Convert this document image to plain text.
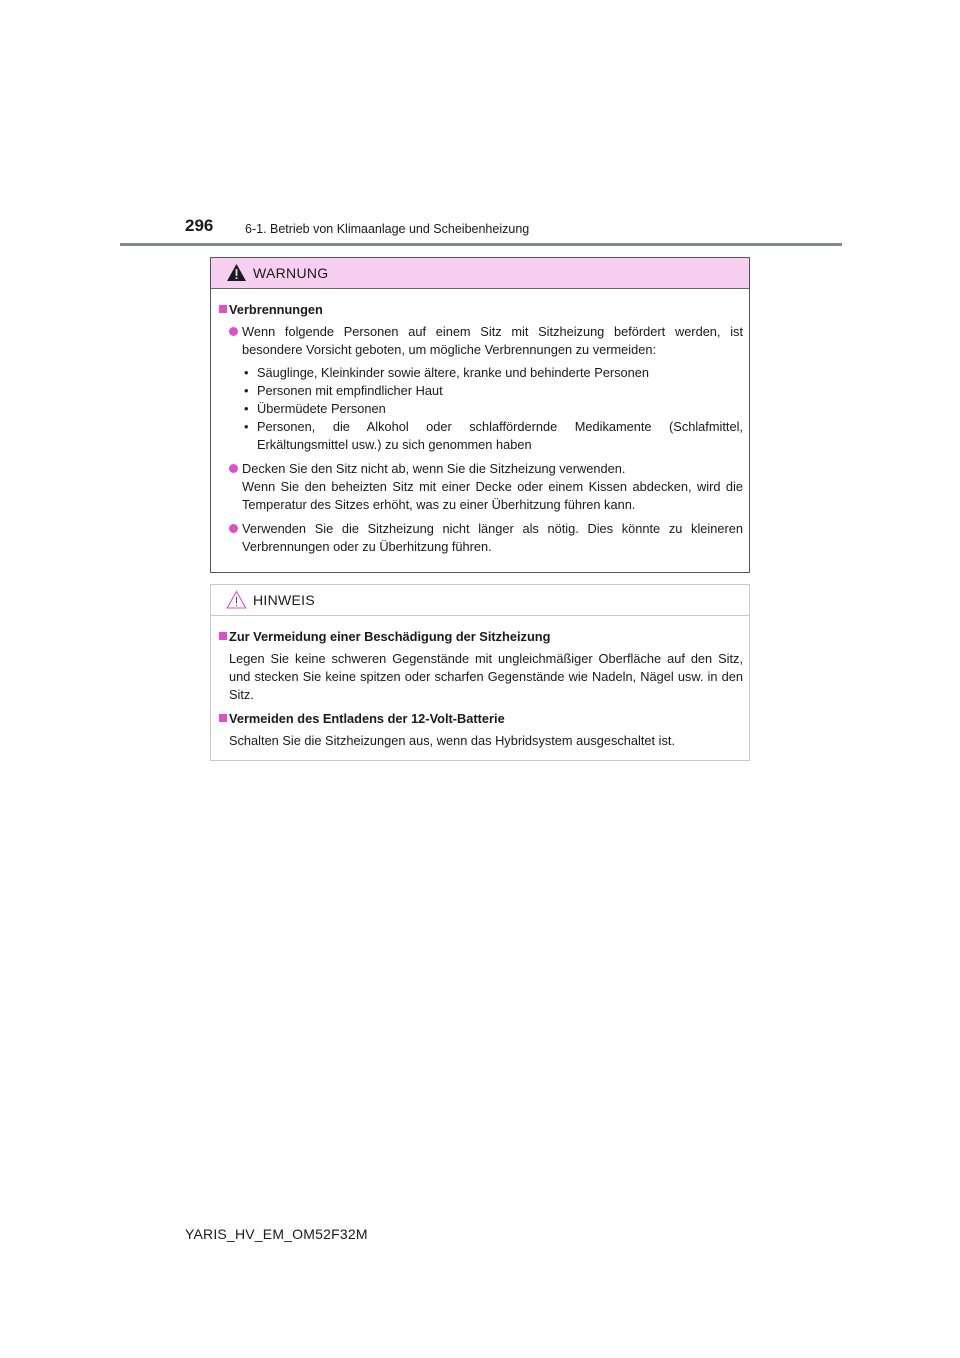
296	6-1. Betrieb von Klimaanlage und Scheibenheizung
WARNUNG
Verbrennungen
Wenn folgende Personen auf einem Sitz mit Sitzheizung befördert werden, ist besondere Vorsicht geboten, um mögliche Verbrennungen zu vermeiden:
• Säuglinge, Kleinkinder sowie ältere, kranke und behinderte Personen
• Personen mit empfindlicher Haut
• Übermüdete Personen
• Personen, die Alkohol oder schlaffördernde Medikamente (Schlafmittel, Erkältungsmittel usw.) zu sich genommen haben
Decken Sie den Sitz nicht ab, wenn Sie die Sitzheizung verwenden.
Wenn Sie den beheizten Sitz mit einer Decke oder einem Kissen abdecken, wird die Temperatur des Sitzes erhöht, was zu einer Überhitzung führen kann.
Verwenden Sie die Sitzheizung nicht länger als nötig. Dies könnte zu kleineren Verbrennungen oder zu Überhitzung führen.
HINWEIS
Zur Vermeidung einer Beschädigung der Sitzheizung
Legen Sie keine schweren Gegenstände mit ungleichmäßiger Oberfläche auf den Sitz, und stecken Sie keine spitzen oder scharfen Gegenstände wie Nadeln, Nägel usw. in den Sitz.
Vermeiden des Entladens der 12-Volt-Batterie
Schalten Sie die Sitzheizungen aus, wenn das Hybridsystem ausgeschaltet ist.
YARIS_HV_EM_OM52F32M
